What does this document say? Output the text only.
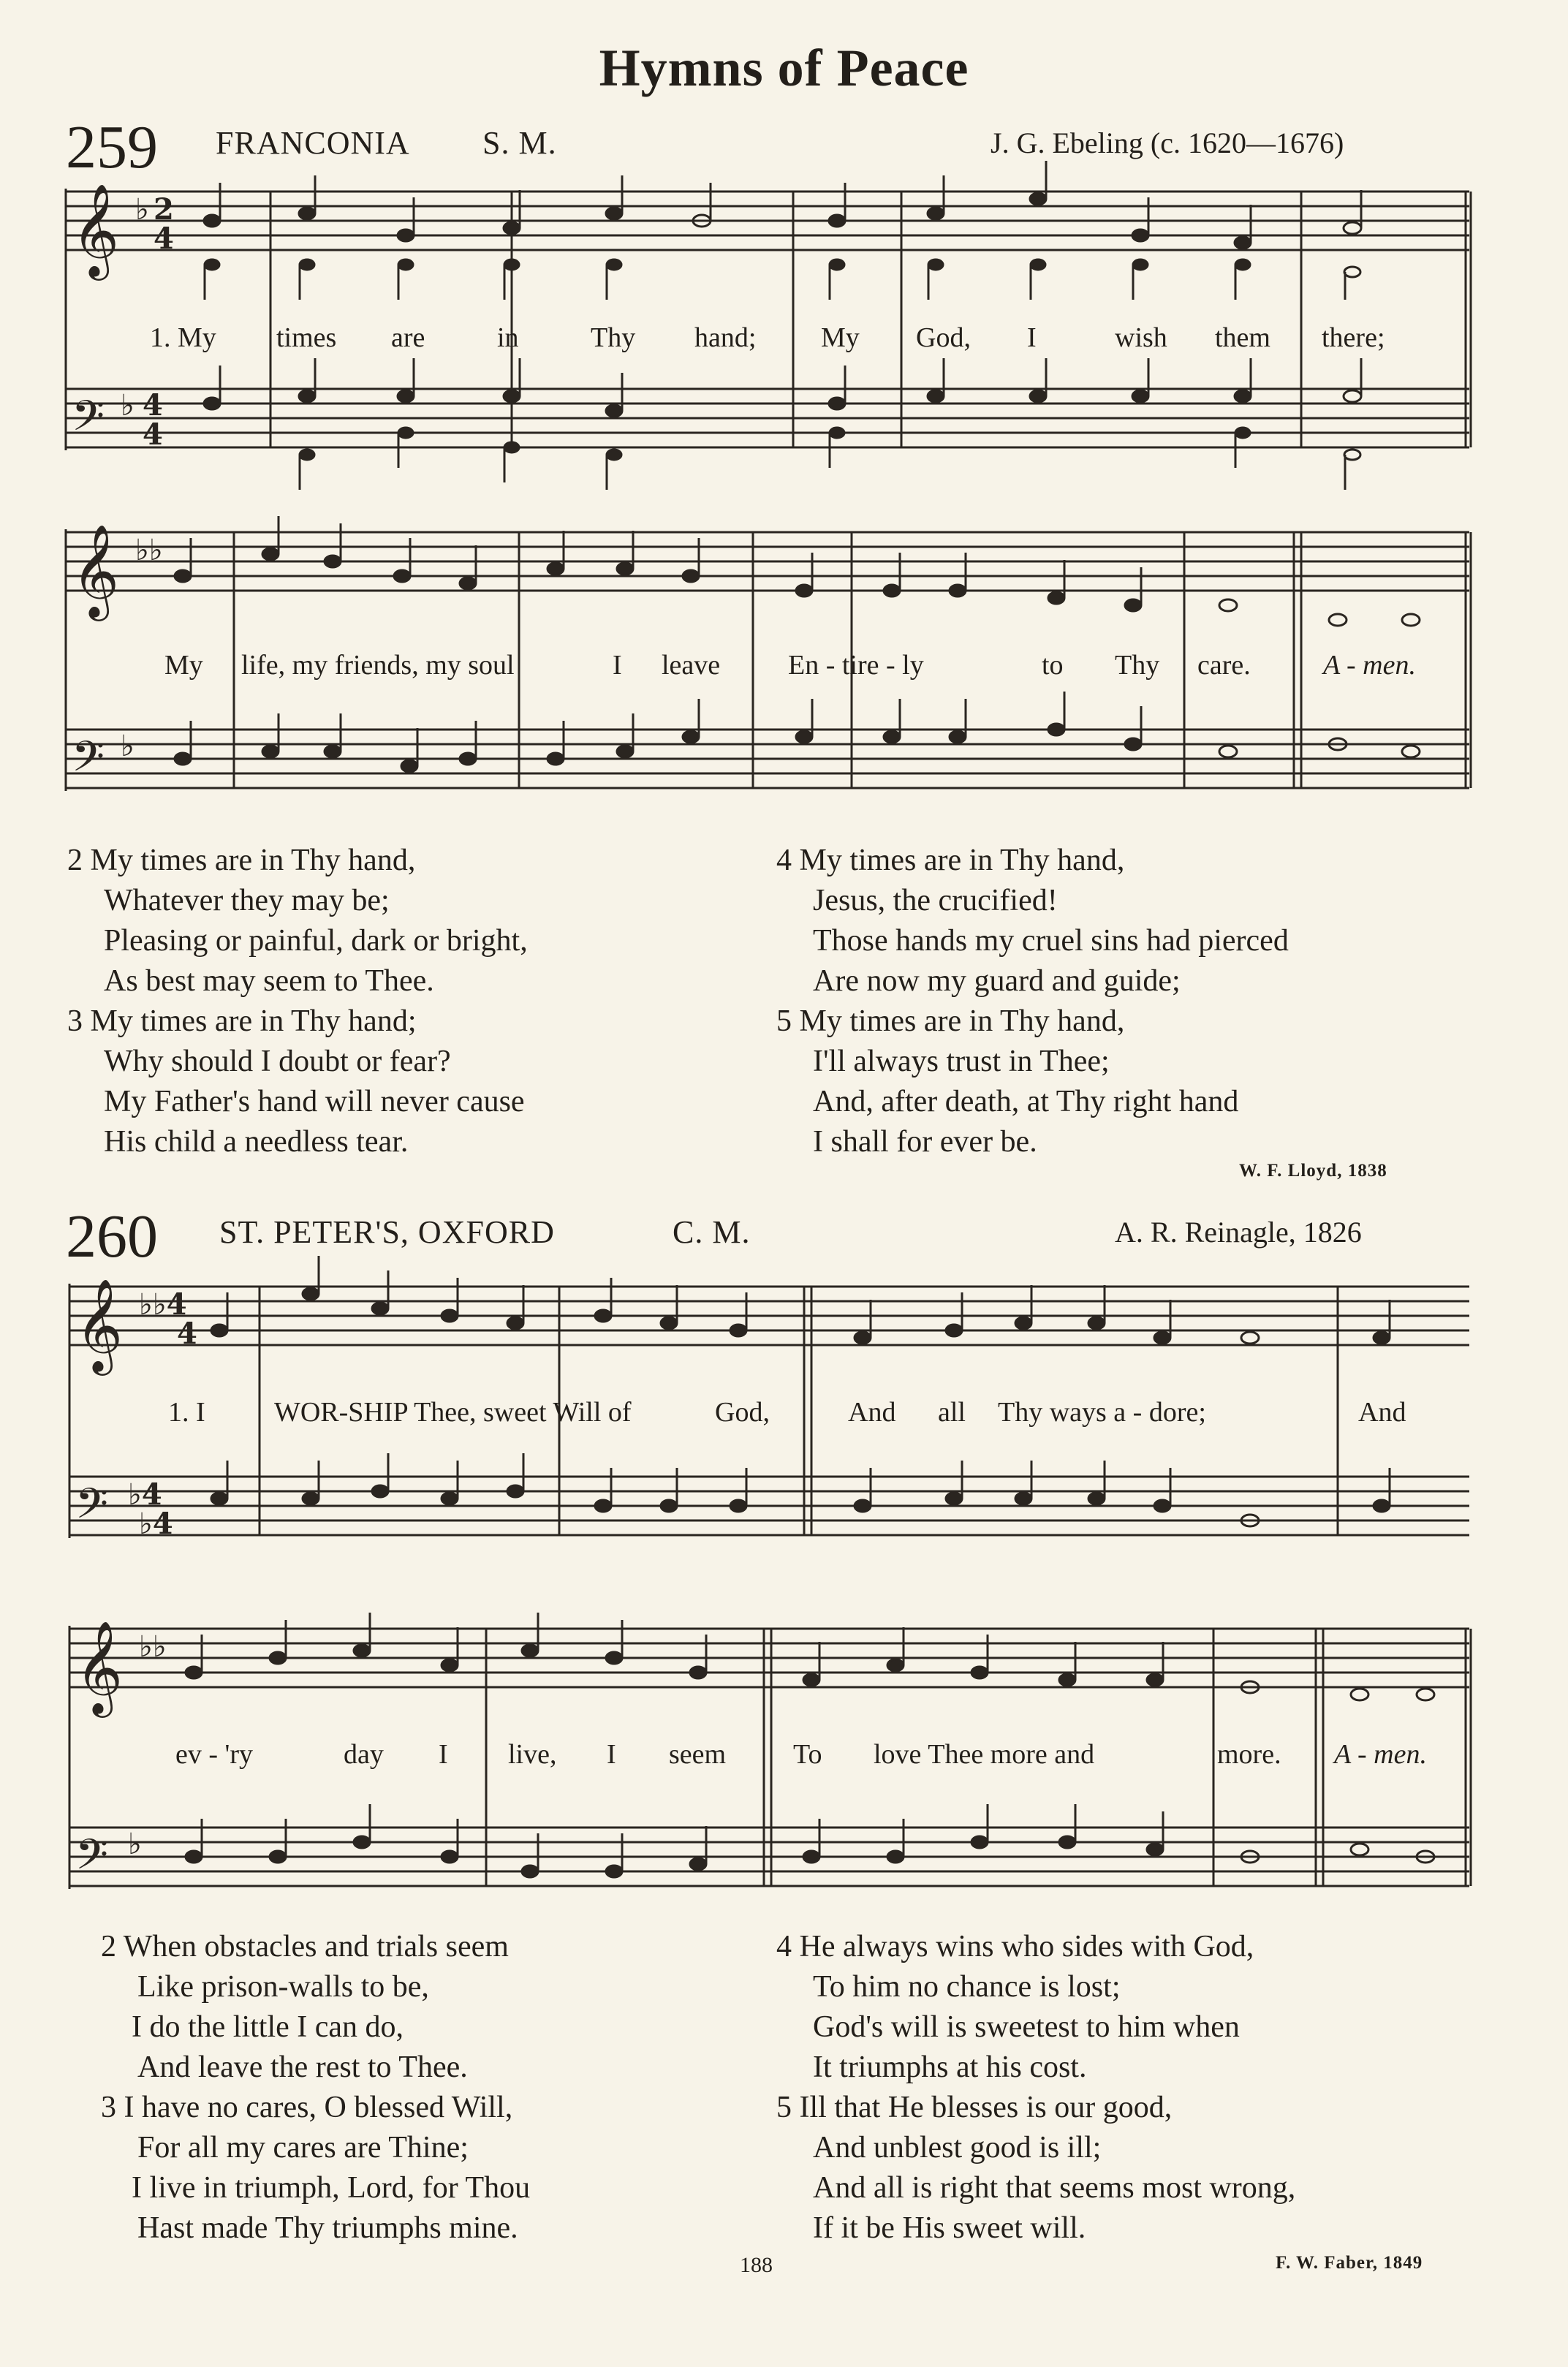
Hymns of Peace
259 FRANCONIA S. M.	J. G. Ebeling (c. 1620—1676)
260 ST. PETER'S, OXFORD	C. M.	A. R. Reinagle, 1826
𝄞
𝄢
𝄞
𝄢
𝄞
𝄢
𝄞
𝄢
♭ 2
4
♭ 4
4
♭♭
♭
♭♭4
4
♭4
♭4
♭♭
♭
1. My times are	in	Thy hand; My God, I	wish them there;
My life, my friends, my soul	I leave En - tire - ly	to Thy care.	A - men.
2 My times are in Thy hand,
Whatever they may be;
Pleasing or painful, dark or bright,
As best may seem to Thee.
3 My times are in Thy hand;
Why should I doubt or fear?
My Father's hand will never cause
His child a needless tear.
4 My times are in Thy hand,
Jesus, the crucified!
Those hands my cruel sins had pierced
Are now my guard and guide;
5 My times are in Thy hand,
I'll always trust in Thee;
And, after death, at Thy right hand
I shall for ever be.
W. F. Lloyd, 1838
1. I WOR-SHIP Thee, sweet Will of	God,	And all Thy ways a - dore;	And
ev - 'ry	day I live, I seem To love Thee more and	more. A - men.
2 When obstacles and trials seem
Like prison-walls to be,
I do the little I can do,
And leave the rest to Thee.
3 I have no cares, O blessed Will,
For all my cares are Thine;
I live in triumph, Lord, for Thou
Hast made Thy triumphs mine.
4 He always wins who sides with God,
To him no chance is lost;
God's will is sweetest to him when
It triumphs at his cost.
5 Ill that He blesses is our good,
And unblest good is ill;
And all is right that seems most wrong,
If it be His sweet will.
F. W. Faber, 1849
188
